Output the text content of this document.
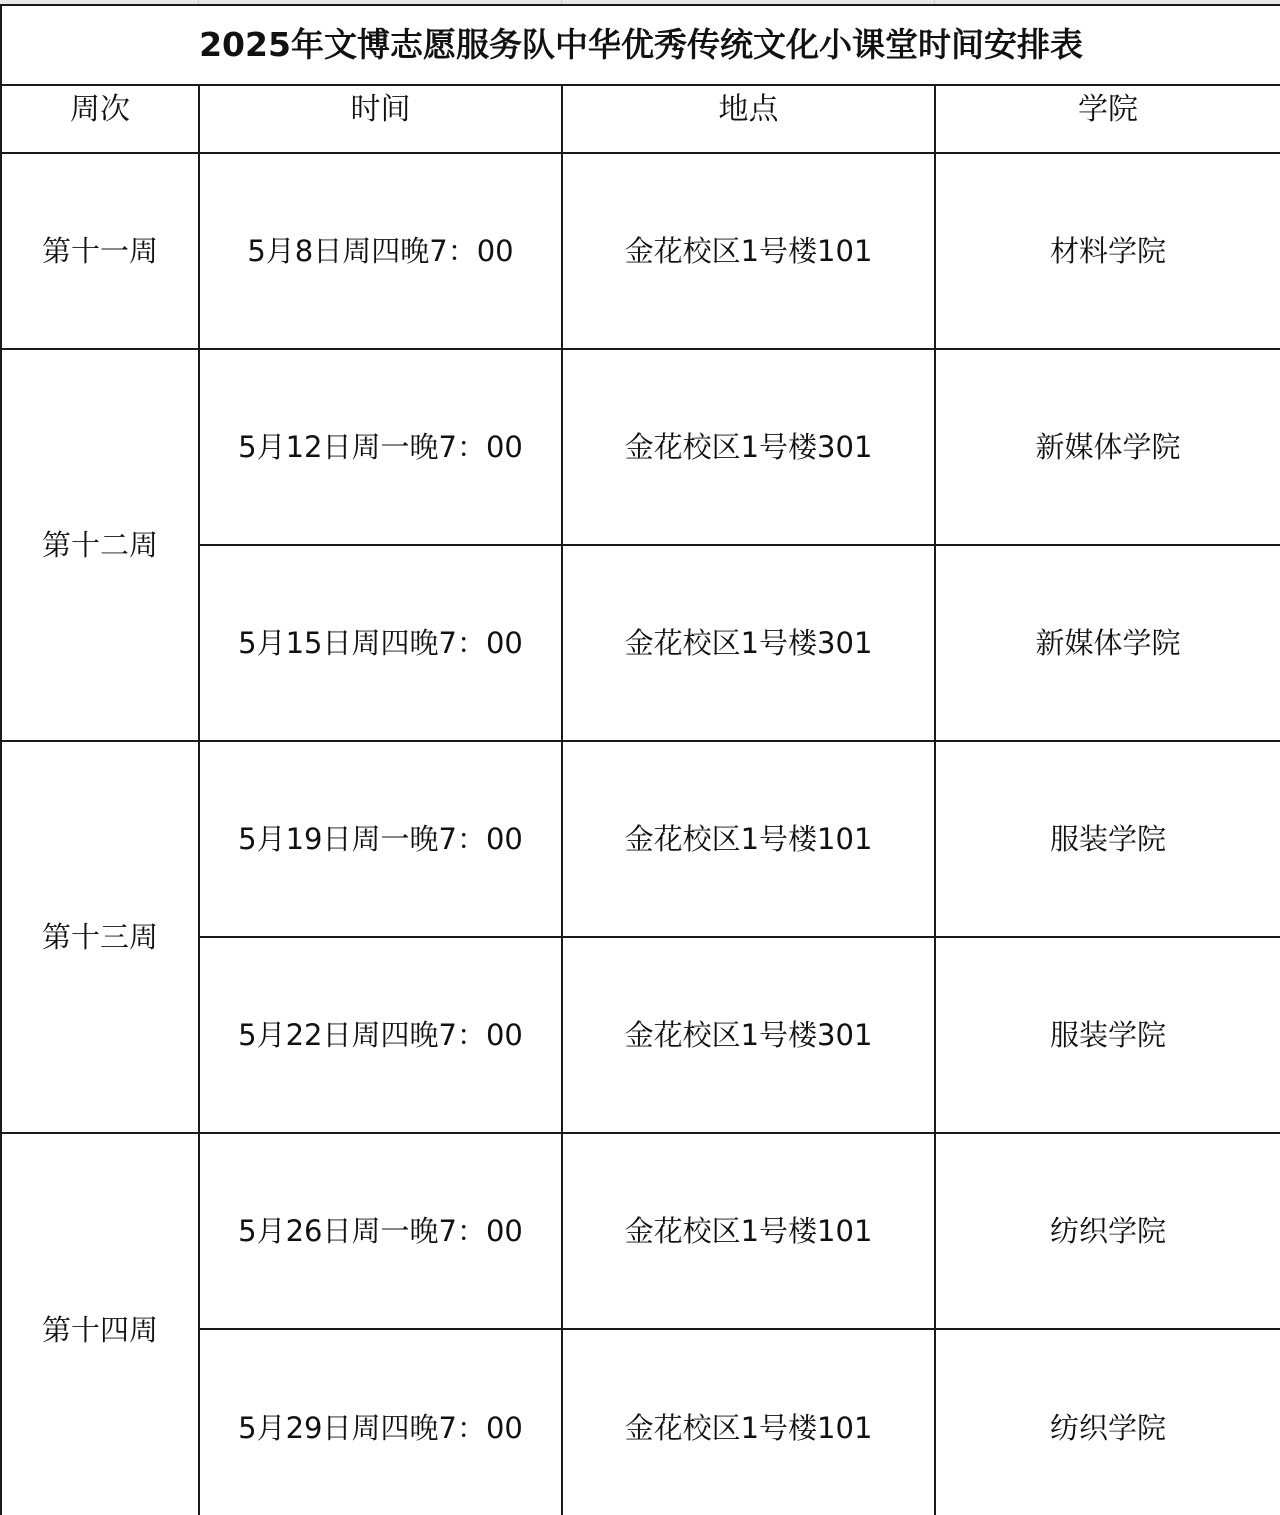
2025年文博志愿服务队中华优秀传统文化小课堂时间安排表			
周次	时间	地点	学院
第十一周	5月8日周四晚7：00	金花校区1号楼101	材料学院
第十二周	5月12日周一晚7：00	金花校区1号楼301	新媒体学院
	5月15日周四晚7：00	金花校区1号楼301	新媒体学院
第十三周	5月19日周一晚7：00	金花校区1号楼101	服装学院
	5月22日周四晚7：00	金花校区1号楼301	服装学院
第十四周	5月26日周一晚7：00	金花校区1号楼101	纺织学院
	5月29日周四晚7：00	金花校区1号楼101	纺织学院
